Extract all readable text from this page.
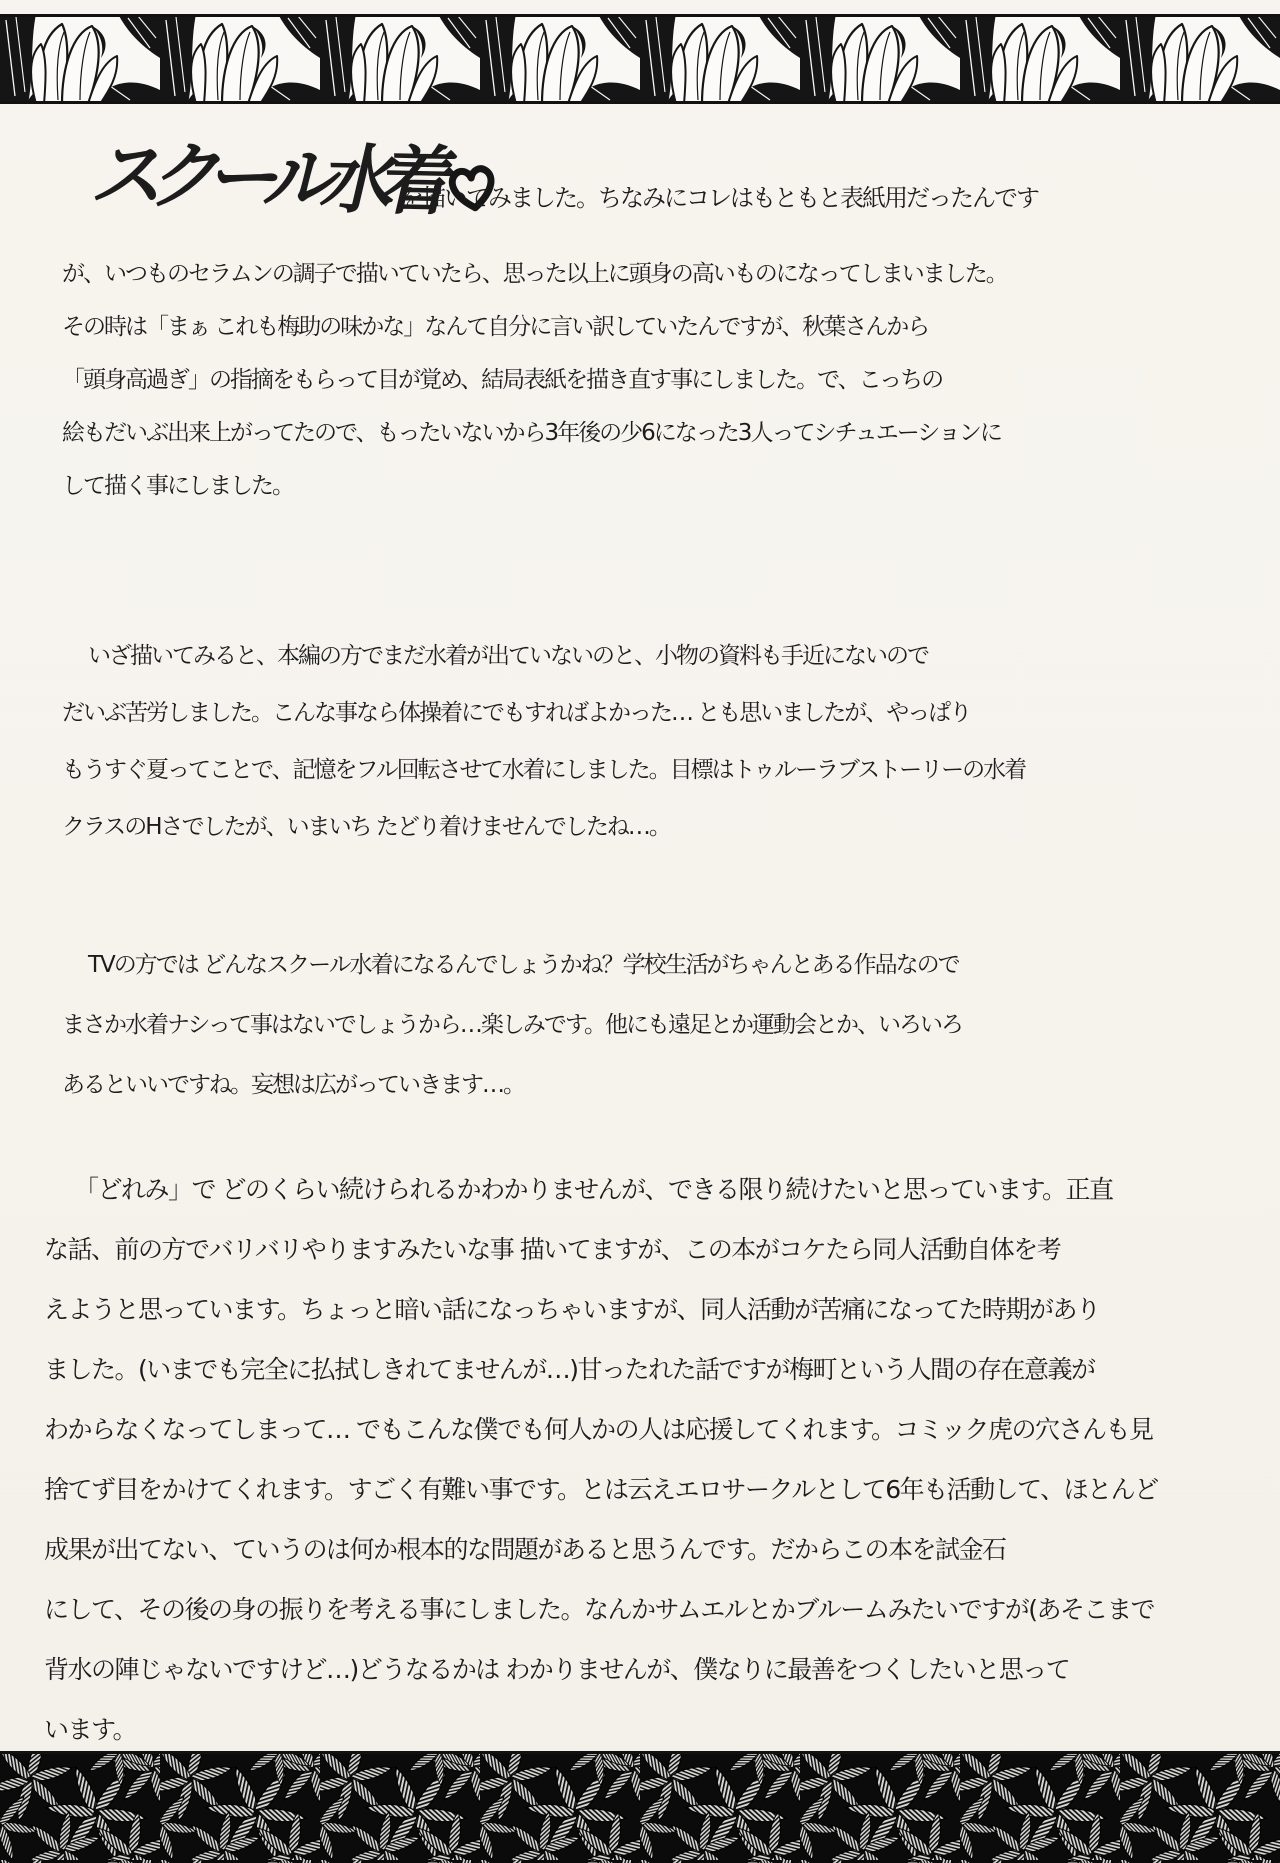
スクール水着
を描いてみました。ちなみにコレはもともと表紙用だったんです
が、いつものセラムンの調子で描いていたら、思った以上に頭身の高いものになってしまいました。
その時は「まぁ これも梅助の味かな」なんて自分に言い訳していたんですが、秋葉さんから
「頭身高過ぎ」の指摘をもらって目が覚め、結局表紙を描き直す事にしました。で、こっちの
絵もだいぶ出来上がってたので、もったいないから3年後の少6になった3人ってシチュエーションに
して描く事にしました。
いざ描いてみると、本編の方でまだ水着が出ていないのと、小物の資料も手近にないので
だいぶ苦労しました。こんな事なら体操着にでもすればよかった… とも思いましたが、やっぱり
もうすぐ夏ってことで、記憶をフル回転させて水着にしました。目標はトゥルーラブストーリーの水着
クラスのHさでしたが、いまいち たどり着けませんでしたね…。
TVの方では どんなスクール水着になるんでしょうかね？学校生活がちゃんとある作品なので
まさか水着ナシって事はないでしょうから…楽しみです。他にも遠足とか運動会とか、いろいろ
あるといいですね。妄想は広がっていきます…。
「どれみ」で どのくらい続けられるかわかりませんが、できる限り続けたいと思っています。正直
な話、前の方でバリバリやりますみたいな事 描いてますが、この本がコケたら同人活動自体を考
えようと思っています。ちょっと暗い話になっちゃいますが、同人活動が苦痛になってた時期があり
ました。(いまでも完全に払拭しきれてませんが…)甘ったれた話ですが梅町という人間の存在意義が
わからなくなってしまって… でもこんな僕でも何人かの人は応援してくれます。コミック虎の穴さんも見
捨てず目をかけてくれます。すごく有難い事です。とは云えエロサークルとして6年も活動して、ほとんど
成果が出てない、ていうのは何か根本的な問題があると思うんです。だからこの本を試金石
にして、その後の身の振りを考える事にしました。なんかサムエルとかブルームみたいですが(あそこまで
背水の陣じゃないですけど…)どうなるかは わかりませんが、僕なりに最善をつくしたいと思って
います。
